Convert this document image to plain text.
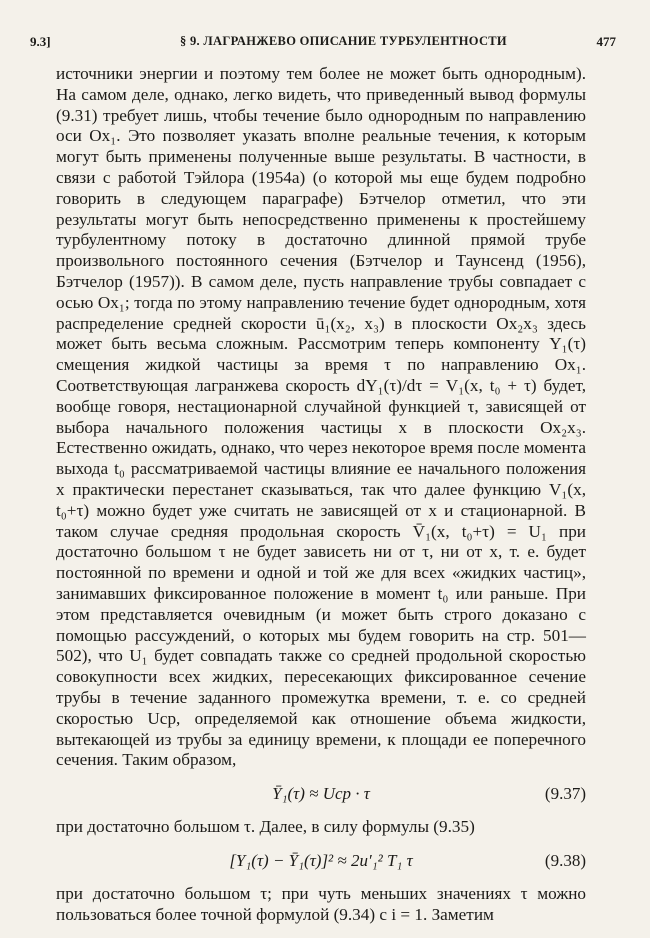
9.3]	§ 9. ЛАГРАНЖЕВО ОПИСАНИЕ ТУРБУЛЕНТНОСТИ	477

источники энергии и поэтому тем более не может быть однородным). На самом деле, однако, легко видеть, что приведенный вывод формулы (9.31) требует лишь, чтобы течение было однородным по направлению оси Ox₁. Это позволяет указать вполне реальные течения, к которым могут быть применены полученные выше результаты. В частности, в связи с работой Тэйлора (1954а) (о которой мы еще будем подробно говорить в следующем параграфе) Бэтчелор отметил, что эти результаты могут быть непосредственно применены к простейшему турбулентному потоку в достаточно длинной прямой трубе произвольного постоянного сечения (Бэтчелор и Таунсенд (1956), Бэтчелор (1957)). В самом деле, пусть направление трубы совпадает с осью Ox₁; тогда по этому направлению течение будет однородным, хотя распределение средней скорости ū₁(x₂, x₃) в плоскости Ox₂x₃ здесь может быть весьма сложным. Рассмотрим теперь компоненту Y₁(τ) смещения жидкой частицы за время τ по направлению Ox₁. Соответствующая лагранжева скорость dY₁(τ)/dτ = V₁(x, t₀ + τ) будет, вообще говоря, нестационарной случайной функцией τ, зависящей от выбора начального положения частицы x в плоскости Ox₂x₃. Естественно ожидать, однако, что через некоторое время после момента выхода t₀ рассматриваемой частицы влияние ее начального положения x практически перестанет сказываться, так что далее функцию V₁(x, t₀+τ) можно будет уже считать не зависящей от x и стационарной. В таком случае средняя продольная скорость V̄₁(x, t₀+τ) = U₁ при достаточно большом τ не будет зависеть ни от τ, ни от x, т. е. будет постоянной по времени и одной и той же для всех «жидких частиц», занимавших фиксированное положение в момент t₀ или раньше. При этом представляется очевидным (и может быть строго доказано с помощью рассуждений, о которых мы будем говорить на стр. 501—502), что U₁ будет совпадать также со средней продольной скоростью совокупности всех жидких, пересекающих фиксированное сечение трубы в течение заданного промежутка времени, т. е. со средней скоростью Uср, определяемой как отношение объема жидкости, вытекающей из трубы за единицу времени, к площади ее поперечного сечения. Таким образом,

Ȳ₁(τ) ≈ Uср · τ	(9.37)

при достаточно большом τ. Далее, в силу формулы (9.35)

[Y₁(τ) − Ȳ₁(τ)]² ≈ 2u′₁² T₁ τ	(9.38)

при достаточно большом τ; при чуть меньших значениях τ можно пользоваться более точной формулой (9.34) с i = 1. Заметим
